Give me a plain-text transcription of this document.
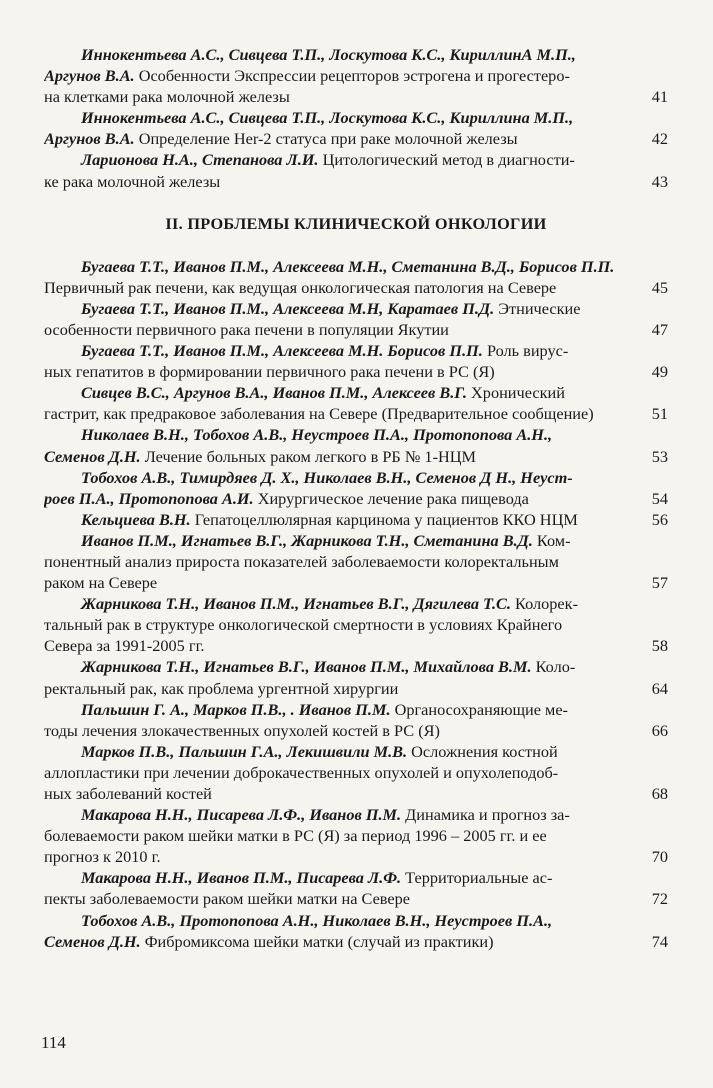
Иннокентьева А.С., Сивцева Т.П., Лоскутова К.С., КириллинА М.П.,
Аргунов В.А. Особенности Экспрессии рецепторов эстрогена и прогестеро-
на клетками рака молочной железы	41
Иннокентьева А.С., Сивцева Т.П., Лоскутова К.С., Кириллина М.П.,
Аргунов В.А. Определение Her-2 статуса при раке молочной железы	42
Ларионова Н.А., Степанова Л.И. Цитологический метод в диагности-
ке рака молочной железы	43
II. ПРОБЛЕМЫ КЛИНИЧЕСКОЙ ОНКОЛОГИИ
Бугаева Т.Т., Иванов П.М., Алексеева М.Н., Сметанина В.Д., Борисов П.П.
Первичный рак печени, как ведущая онкологическая патология на Севере	45
Бугаева Т.Т., Иванов П.М., Алексеева М.Н, Каратаев П.Д. Этнические
особенности первичного рака печени в популяции Якутии	47
Бугаева Т.Т., Иванов П.М., Алексеева М.Н. Борисов П.П. Роль вирус-
ных гепатитов в формировании первичного рака печени в РС (Я)	49
Сивцев В.С., Аргунов В.А., Иванов П.М., Алексеев В.Г. Хронический
гастрит, как предраковое заболевания на Севере (Предварительное сообщение)	51
Николаев В.Н., Тобохов А.В., Неустроев П.А., Протопопова А.Н.,
Семенов Д.Н. Лечение больных раком легкого в РБ № 1-НЦМ	53
Тобохов А.В., Тимирдяев Д. Х., Николаев В.Н., Семенов Д Н., Неуст-
роев П.А., Протопопова А.И. Хирургическое лечение рака пищевода	54
Кельциева В.Н. Гепатоцеллюлярная карцинома у пациентов ККО НЦМ	56
Иванов П.М., Игнатьев В.Г., Жарникова Т.Н., Сметанина В.Д. Ком-
понентный анализ прироста показателей заболеваемости колоректальным
раком на Севере	57
Жарникова Т.Н., Иванов П.М., Игнатьев В.Г., Дягилева Т.С. Колорек-
тальный рак в структуре онкологической смертности в условиях Крайнего
Севера за 1991-2005 гг.	58
Жарникова Т.Н., Игнатьев В.Г., Иванов П.М., Михайлова В.М. Коло-
ректальный рак, как проблема ургентной хирургии	64
Пальшин Г. А., Марков П.В., . Иванов П.М. Органосохраняющие ме-
тоды лечения злокачественных опухолей костей в РС (Я)	66
Марков П.В., Пальшин Г.А., Лекишвили М.В. Осложнения костной
аллопластики при лечении доброкачественных опухолей и опухолеподоб-
ных заболеваний костей	68
Макарова Н.Н., Писарева Л.Ф., Иванов П.М. Динамика и прогноз за-
болеваемости раком шейки матки в РС (Я) за период 1996 – 2005 гг. и ее
прогноз к 2010 г.	70
Макарова Н.Н., Иванов П.М., Писарева Л.Ф. Территориальные ас-
пекты заболеваемости раком шейки матки на Севере	72
Тобохов А.В., Протопопова А.Н., Николаев В.Н., Неустроев П.А.,
Семенов Д.Н. Фибромиксома шейки матки (случай из практики)	74
114
